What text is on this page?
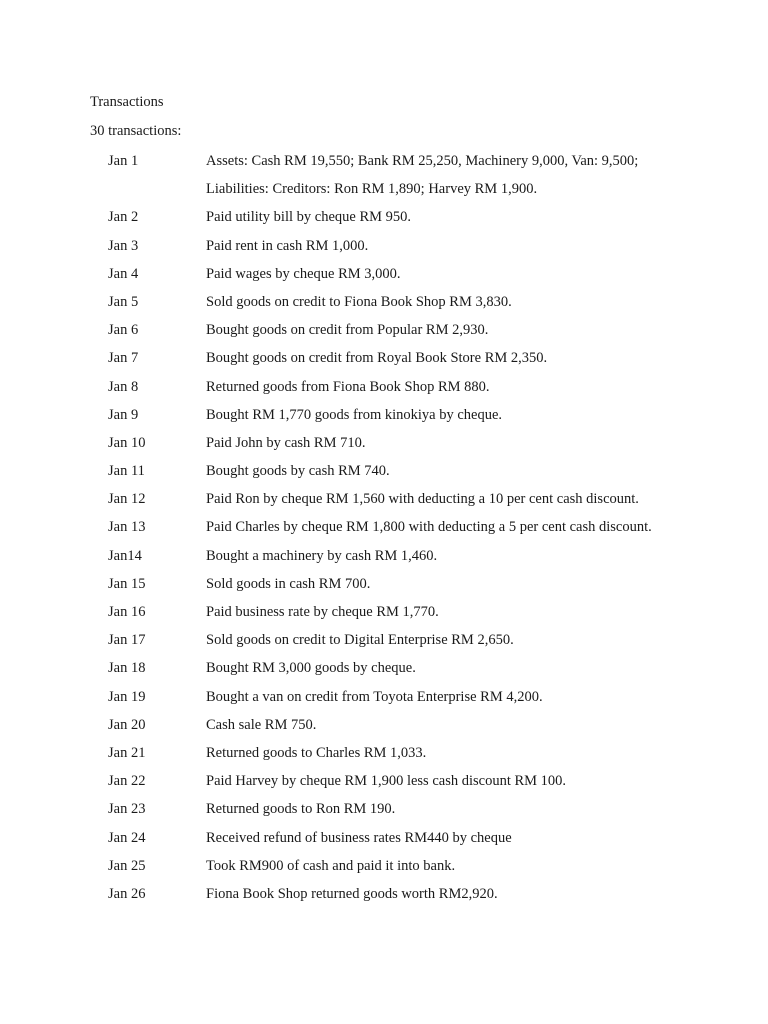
Transactions
30 transactions:
Jan 1	Assets: Cash RM 19,550; Bank RM 25,250, Machinery 9,000, Van: 9,500;
Liabilities: Creditors: Ron RM 1,890; Harvey RM 1,900.
Jan 2	Paid utility bill by cheque RM 950.
Jan 3	Paid rent in cash RM 1,000.
Jan 4	Paid wages by cheque RM 3,000.
Jan 5	Sold goods on credit to Fiona Book Shop RM 3,830.
Jan 6	Bought goods on credit from Popular RM 2,930.
Jan 7	Bought goods on credit from Royal Book Store RM 2,350.
Jan 8	Returned goods from Fiona Book Shop RM 880.
Jan 9	Bought RM 1,770 goods from kinokiya by cheque.
Jan 10	Paid John by cash RM 710.
Jan 11	Bought goods by cash RM 740.
Jan 12	Paid Ron by cheque RM 1,560 with deducting a 10 per cent cash discount.
Jan 13	Paid Charles by cheque RM 1,800 with deducting a 5 per cent cash discount.
Jan14	Bought a machinery by cash RM 1,460.
Jan 15	Sold goods in cash RM 700.
Jan 16	Paid business rate by cheque RM 1,770.
Jan 17	Sold goods on credit to Digital Enterprise RM 2,650.
Jan 18	Bought RM 3,000 goods by cheque.
Jan 19	Bought a van on credit from Toyota Enterprise RM 4,200.
Jan 20	Cash sale RM 750.
Jan 21	Returned goods to Charles RM 1,033.
Jan 22	Paid Harvey by cheque RM 1,900 less cash discount RM 100.
Jan 23	Returned goods to Ron RM 190.
Jan 24	Received refund of business rates RM440 by cheque
Jan 25	Took RM900 of cash and paid it into bank.
Jan 26	Fiona Book Shop returned goods worth RM2,920.
